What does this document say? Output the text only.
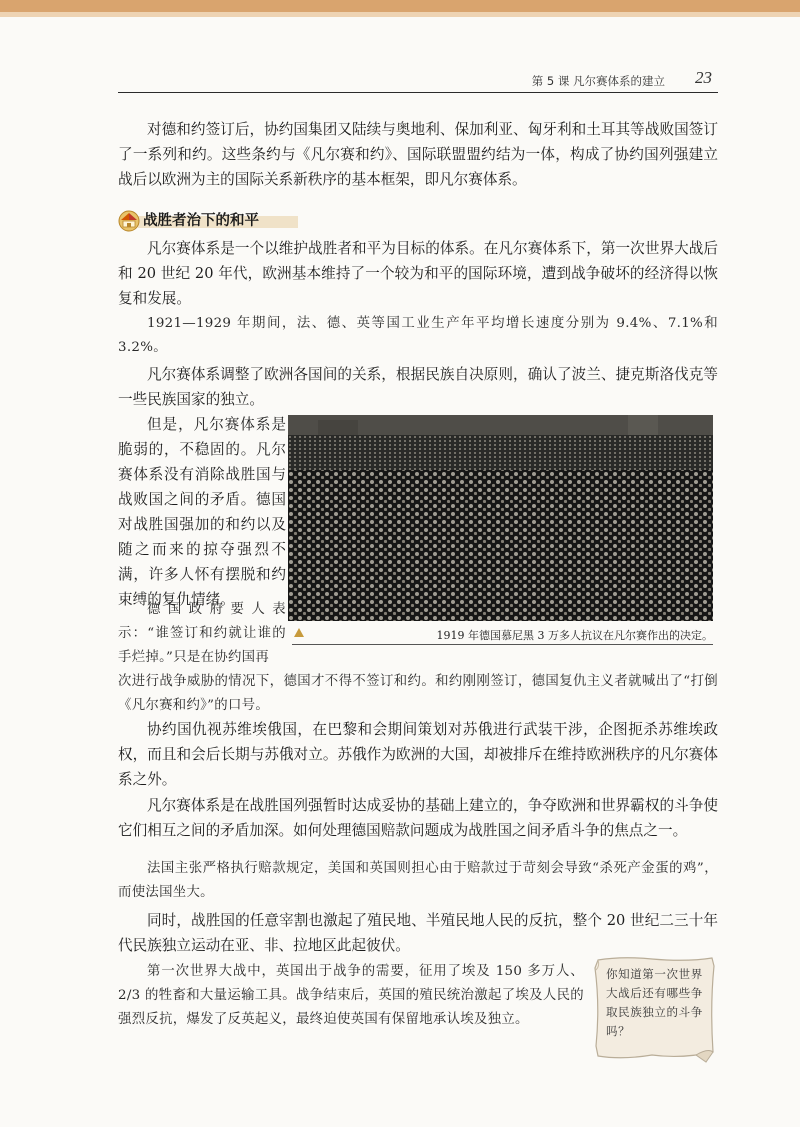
第 5 课 凡尔赛体系的建立 23

对德和约签订后，协约国集团又陆续与奥地利、保加利亚、匈牙利和土耳其等战败国签订了一系列和约。这些条约与《凡尔赛和约》、国际联盟盟约结为一体，构成了协约国列强建立战后以欧洲为主的国际关系新秩序的基本框架，即凡尔赛体系。

战胜者治下的和平

凡尔赛体系是一个以维护战胜者和平为目标的体系。在凡尔赛体系下，第一次世界大战后和 20 世纪 20 年代，欧洲基本维持了一个较为和平的国际环境，遭到战争破坏的经济得以恢复和发展。

1921—1929 年期间，法、德、英等国工业生产年平均增长速度分别为 9.4%、7.1%和 3.2%。

凡尔赛体系调整了欧洲各国间的关系，根据民族自决原则，确认了波兰、捷克斯洛伐克等一些民族国家的独立。

但是，凡尔赛体系是脆弱的，不稳固的。凡尔赛体系没有消除战胜国与战败国之间的矛盾。德国对战胜国强加的和约以及随之而来的掠夺强烈不满，许多人怀有摆脱和约束缚的复仇情绪。

1919 年德国慕尼黑 3 万多人抗议在凡尔赛作出的决定。

德国政府要人表示：“谁签订和约就让谁的手烂掉。”只是在协约国再

次进行战争威胁的情况下，德国才不得不签订和约。和约刚刚签订，德国复仇主义者就喊出了“打倒《凡尔赛和约》”的口号。

协约国仇视苏维埃俄国，在巴黎和会期间策划对苏俄进行武装干涉，企图扼杀苏维埃政权，而且和会后长期与苏俄对立。苏俄作为欧洲的大国，却被排斥在维持欧洲秩序的凡尔赛体系之外。

凡尔赛体系是在战胜国列强暂时达成妥协的基础上建立的，争夺欧洲和世界霸权的斗争使它们相互之间的矛盾加深。如何处理德国赔款问题成为战胜国之间矛盾斗争的焦点之一。

法国主张严格执行赔款规定，美国和英国则担心由于赔款过于苛刻会导致“杀死产金蛋的鸡”，而使法国坐大。

同时，战胜国的任意宰割也激起了殖民地、半殖民地人民的反抗，整个 20 世纪二三十年代民族独立运动在亚、非、拉地区此起彼伏。

第一次世界大战中，英国出于战争的需要，征用了埃及 150 多万人、2/3 的牲畜和大量运输工具。战争结束后，英国的殖民统治激起了埃及人民的强烈反抗，爆发了反英起义，最终迫使英国有保留地承认埃及独立。

你知道第一次世界大战后还有哪些争取民族独立的斗争吗？
